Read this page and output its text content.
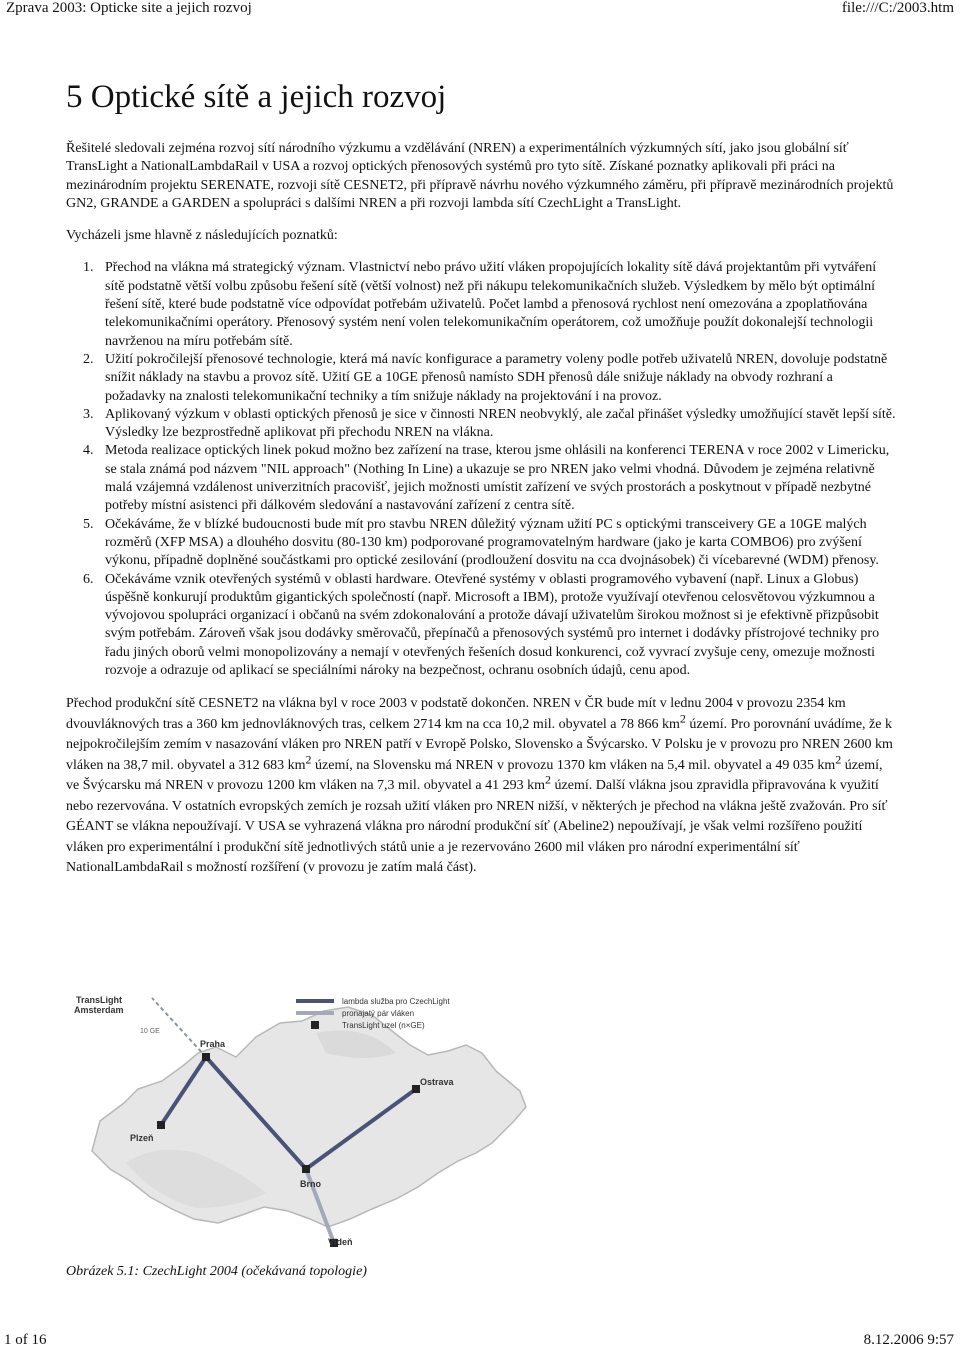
Zprava 2003: Opticke site a jejich rozvoj	file:///C:/2003.htm
5 Optické sítě a jejich rozvoj

Řešitelé sledovali zejména rozvoj sítí národního výzkumu a vzdělávání (NREN) a experimentálních výzkumných sítí, jako jsou globální síť TransLight a NationalLambdaRail v USA a rozvoj optických přenosových systémů pro tyto sítě. Získané poznatky aplikovali při práci na mezinárodním projektu SERENATE, rozvoji sítě CESNET2, při přípravě návrhu nového výzkumného záměru, při přípravě mezinárodních projektů GN2, GRANDE a GARDEN a spolupráci s dalšími NREN a při rozvoji lambda sítí CzechLight a TransLight.

Vycházeli jsme hlavně z následujících poznatků:

1. Přechod na vlákna má strategický význam. Vlastnictví nebo právo užití vláken propojujících lokality sítě dává projektantům při vytváření sítě podstatně větší volbu způsobu řešení sítě (větší volnost) než při nákupu telekomunikačních služeb. Výsledkem by mělo být optimální řešení sítě, které bude podstatně více odpovídat potřebám uživatelů. Počet lambd a přenosová rychlost není omezována a zpoplatňována telekomunikačními operátory. Přenosový systém není volen telekomunikačním operátorem, což umožňuje použít dokonalejší technologii navrženou na míru potřebám sítě.
2. Užití pokročilejší přenosové technologie, která má navíc konfigurace a parametry voleny podle potřeb uživatelů NREN, dovoluje podstatně snížit náklady na stavbu a provoz sítě. Užití GE a 10GE přenosů namísto SDH přenosů dále snižuje náklady na obvody rozhraní a požadavky na znalosti telekomunikační techniky a tím snižuje náklady na projektování i na provoz.
3. Aplikovaný výzkum v oblasti optických přenosů je sice v činnosti NREN neobvyklý, ale začal přinášet výsledky umožňující stavět lepší sítě. Výsledky lze bezprostředně aplikovat při přechodu NREN na vlákna.
4. Metoda realizace optických linek pokud možno bez zařízení na trase, kterou jsme ohlásili na konferenci TERENA v roce 2002 v Limericku, se stala známá pod názvem "NIL approach" (Nothing In Line) a ukazuje se pro NREN jako velmi vhodná. Důvodem je zejména relativně malá vzájemná vzdálenost univerzitních pracovišť, jejich možnosti umístit zařízení ve svých prostorách a poskytnout v případě nezbytné potřeby místní asistenci při dálkovém sledování a nastavování zařízení z centra sítě.
5. Očekáváme, že v blízké budoucnosti bude mít pro stavbu NREN důležitý význam užití PC s optickými transceivery GE a 10GE malých rozměrů (XFP MSA) a dlouhého dosvitu (80-130 km) podporované programovatelným hardware (jako je karta COMBO6) pro zvýšení výkonu, případně doplněné součástkami pro optické zesilování (prodloužení dosvitu na cca dvojnásobek) či vícebarevné (WDM) přenosy.
6. Očekáváme vznik otevřených systémů v oblasti hardware. Otevřené systémy v oblasti programového vybavení (např. Linux a Globus) úspěšně konkurují produktům gigantických společností (např. Microsoft a IBM), protože využívají otevřenou celosvětovou výzkumnou a vývojovou spolupráci organizací i občanů na svém zdokonalování a protože dávají uživatelům širokou možnost si je efektivně přizpůsobit svým potřebám. Zároveň však jsou dodávky směrovačů, přepínačů a přenosových systémů pro internet i dodávky přístrojové techniky pro řadu jiných oborů velmi monopolizovány a nemají v otevřených řešeních dosud konkurenci, což vyvrací zvyšuje ceny, omezuje možnosti rozvoje a odrazuje od aplikací se speciálními nároky na bezpečnost, ochranu osobních údajů, cenu apod.

Přechod produkční sítě CESNET2 na vlákna byl v roce 2003 v podstatě dokončen. NREN v ČR bude mít v lednu 2004 v provozu 2354 km dvouvláknových tras a 360 km jednovláknových tras, celkem 2714 km na cca 10,2 mil. obyvatel a 78 866 $km^2$ území. Pro porovnání uvádíme, že k nejpokročilejším zemím v nasazování vláken pro NREN patří v Evropě Polsko, Slovensko a Švýcarsko. V Polsku je v provozu pro NREN 2600 km vláken na 38,7 mil. obyvatel a 312 683 $km^2$ území, na Slovensku má NREN v provozu 1370 km vláken na 5,4 mil. obyvatel a 49 035 $km^2$ území, ve Švýcarsku má NREN v provozu 1200 km vláken na 7,3 mil. obyvatel a 41 293 $km^2$ území. Další vlákna jsou zpravidla připravována k využití nebo rezervována. V ostatních evropských zemích je rozsah užití vláken pro NREN nižší, v některých je přechod na vlákna ještě zvažován. Pro síť GÉANT se vlákna nepoužívají. V USA se vyhrazená vlákna pro národní produkční síť (Abeline2) nepoužívají, je však velmi rozšířeno použití vláken pro experimentální i produkční sítě jednotlivých států unie a je rezervováno 2600 mil vláken pro národní experimentální síť NationalLambdaRail s možností rozšíření (v provozu je zatím malá část).

TransLight Amsterdam
10 GE
Praha
Plzeň
Brno
Ostrava
Vídeň
lambda služba pro CzechLight
pronajatý pár vláken
TransLight uzel (n×GE)
Obrázek 5.1: CzechLight 2004 (očekávaná topologie)
1 of 16	8.12.2006 9:57
